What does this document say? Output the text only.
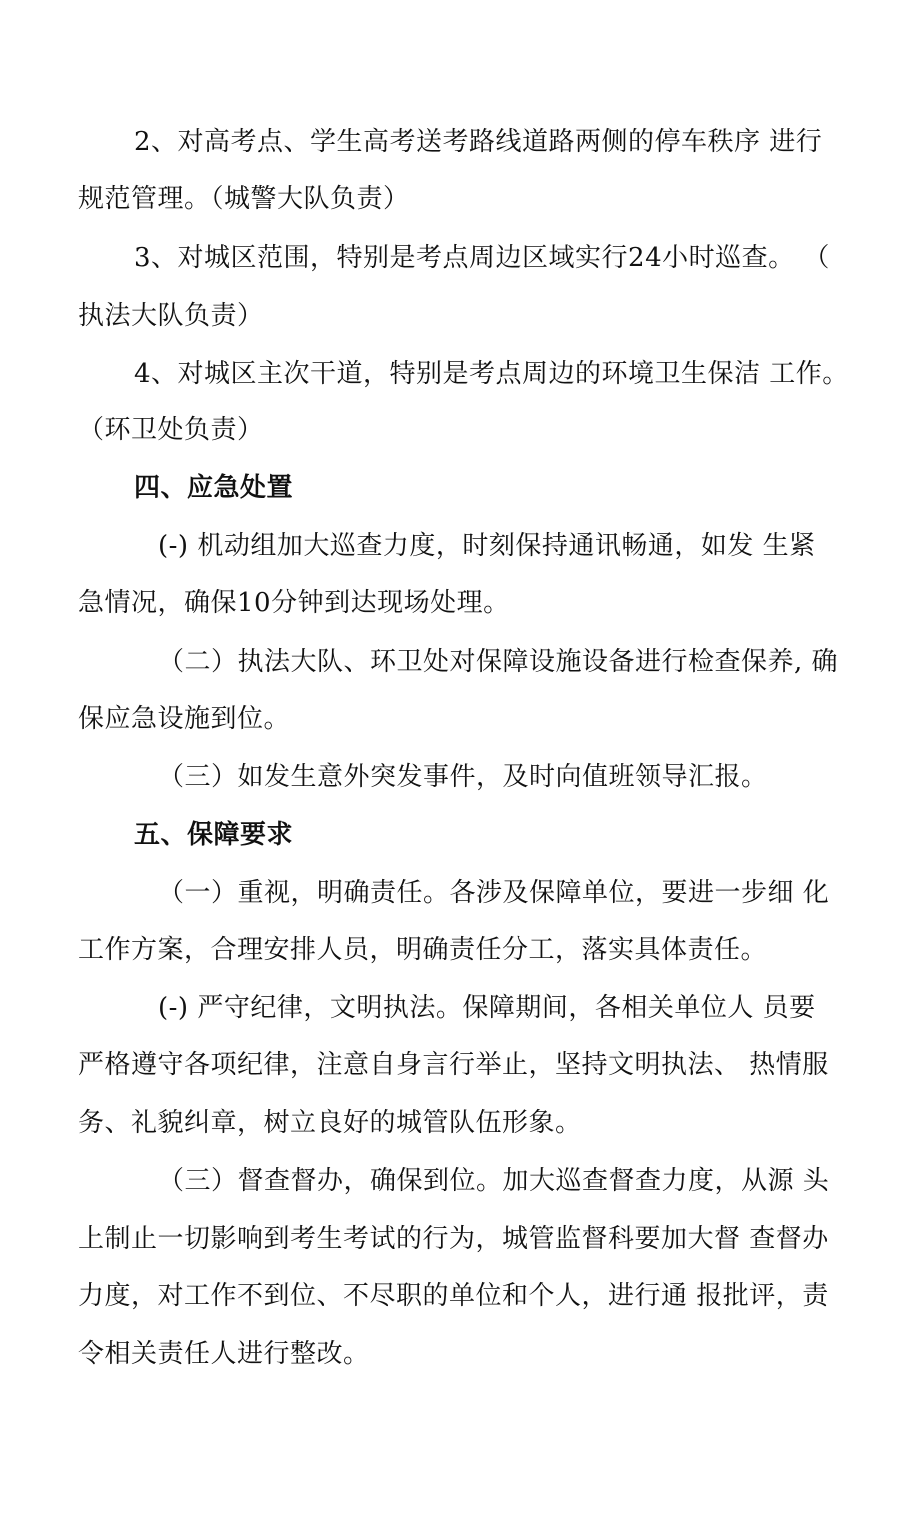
2、对高考点、学生高考送考路线道路两侧的停车秩序 进行
规范管理。（城警大队负责）
3、对城区范围，特别是考点周边区域实行24小时巡查。 （
执法大队负责）
4、对城区主次干道，特别是考点周边的环境卫生保洁 工作。
（环卫处负责）
四、应急处置
(-) 机动组加大巡查力度，时刻保持通讯畅通，如发 生紧
急情况，确保10分钟到达现场处理。
（二）执法大队、环卫处对保障设施设备进行检查保养, 确
保应急设施到位。
（三）如发生意外突发事件，及时向值班领导汇报。
五、保障要求
（一）重视，明确责任。各涉及保障单位，要进一步细 化
工作方案，合理安排人员，明确责任分工，落实具体责任。
(-) 严守纪律，文明执法。保障期间，各相关单位人 员要
严格遵守各项纪律，注意自身言行举止，坚持文明执法、 热情服
务、礼貌纠章，树立良好的城管队伍形象。
（三）督查督办，确保到位。加大巡查督查力度，从源 头
上制止一切影响到考生考试的行为，城管监督科要加大督 查督办
力度，对工作不到位、不尽职的单位和个人，进行通 报批评，责
令相关责任人进行整改。
